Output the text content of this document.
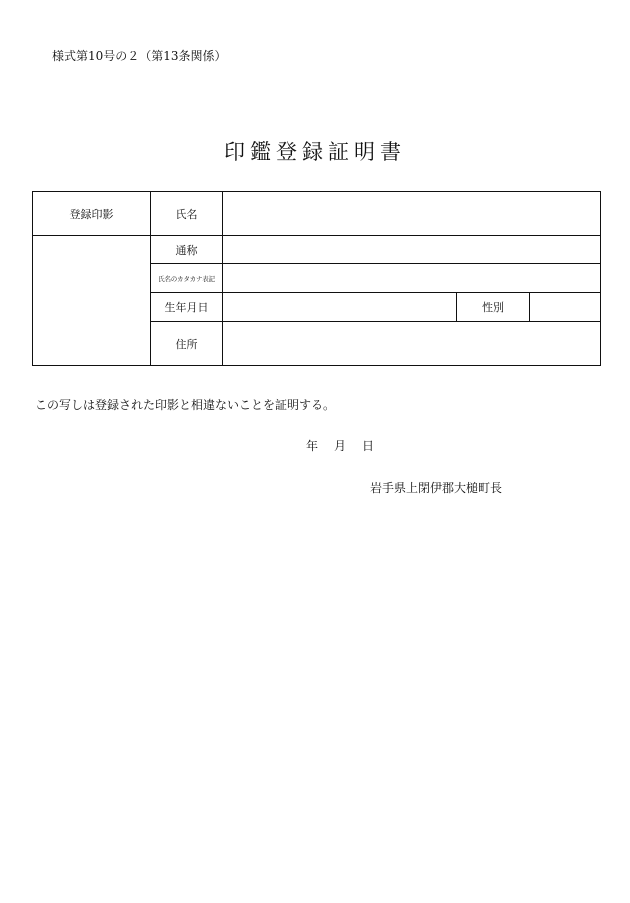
様式第10号の２（第13条関係）
印鑑登録証明書
登録印影	氏名			
	通称			
	氏名のカタカナ表記			
	生年月日		性別	
	住所			
この写しは登録された印影と相違ないことを証明する。
年 月 日
岩手県上閉伊郡大槌町長
